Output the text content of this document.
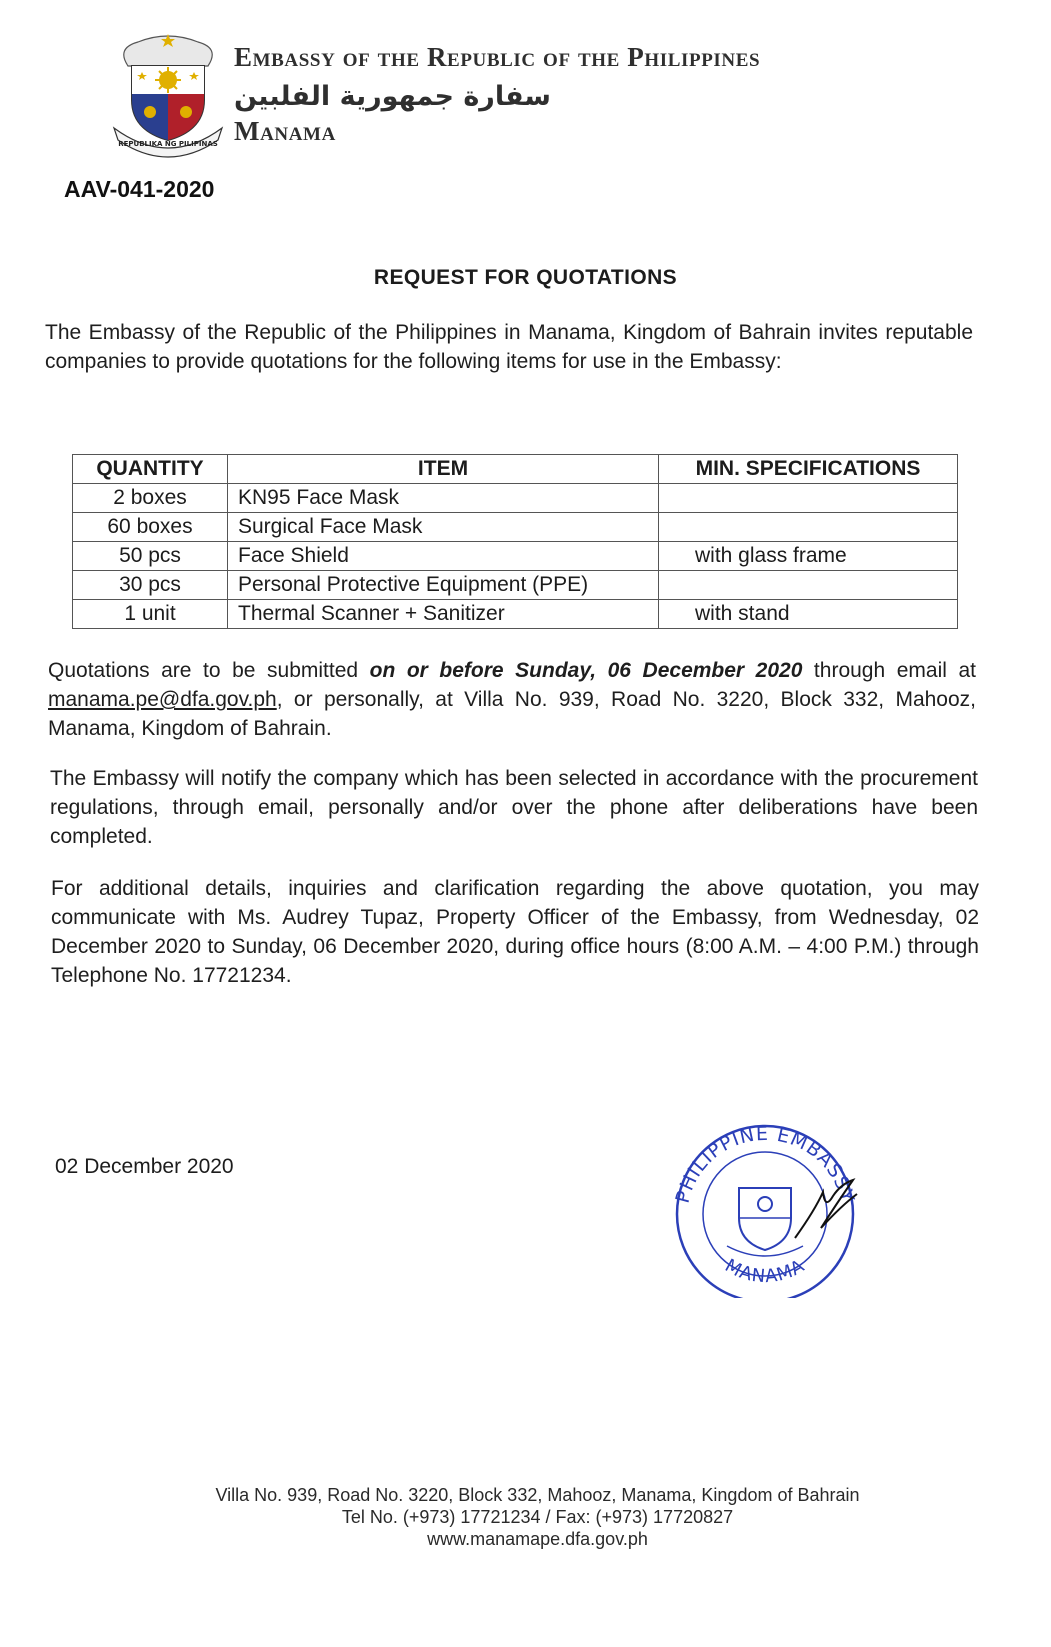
REPUBLIKA NG PILIPINAS
Embassy of the Republic of the Philippines
سفارة جمهورية الفلبين
Manama
AAV-041-2020
REQUEST FOR QUOTATIONS
The Embassy of the Republic of the Philippines in Manama, Kingdom of Bahrain invites reputable companies to provide quotations for the following items for use in the Embassy:
QUANTITY	ITEM	MIN. SPECIFICATIONS
2 boxes	KN95 Face Mask	
60 boxes	Surgical Face Mask	
50 pcs	Face Shield	with glass frame
30 pcs	Personal Protective Equipment (PPE)	
1 unit	Thermal Scanner + Sanitizer	with stand
Quotations are to be submitted on or before Sunday, 06 December 2020 through email at manama.pe@dfa.gov.ph, or personally, at Villa No. 939, Road No. 3220, Block 332, Mahooz, Manama, Kingdom of Bahrain.
The Embassy will notify the company which has been selected in accordance with the procurement regulations, through email, personally and/or over the phone after deliberations have been completed.
For additional details, inquiries and clarification regarding the above quotation, you may communicate with Ms. Audrey Tupaz, Property Officer of the Embassy, from Wednesday, 02 December 2020 to Sunday, 06 December 2020, during office hours (8:00 A.M. – 4:00 P.M.) through Telephone No. 17721234.
02 December 2020
PHILIPPINE EMBASSY
MANAMA
Villa No. 939, Road No. 3220, Block 332, Mahooz, Manama, Kingdom of Bahrain
Tel No. (+973) 17721234 / Fax: (+973) 17720827
www.manamape.dfa.gov.ph
